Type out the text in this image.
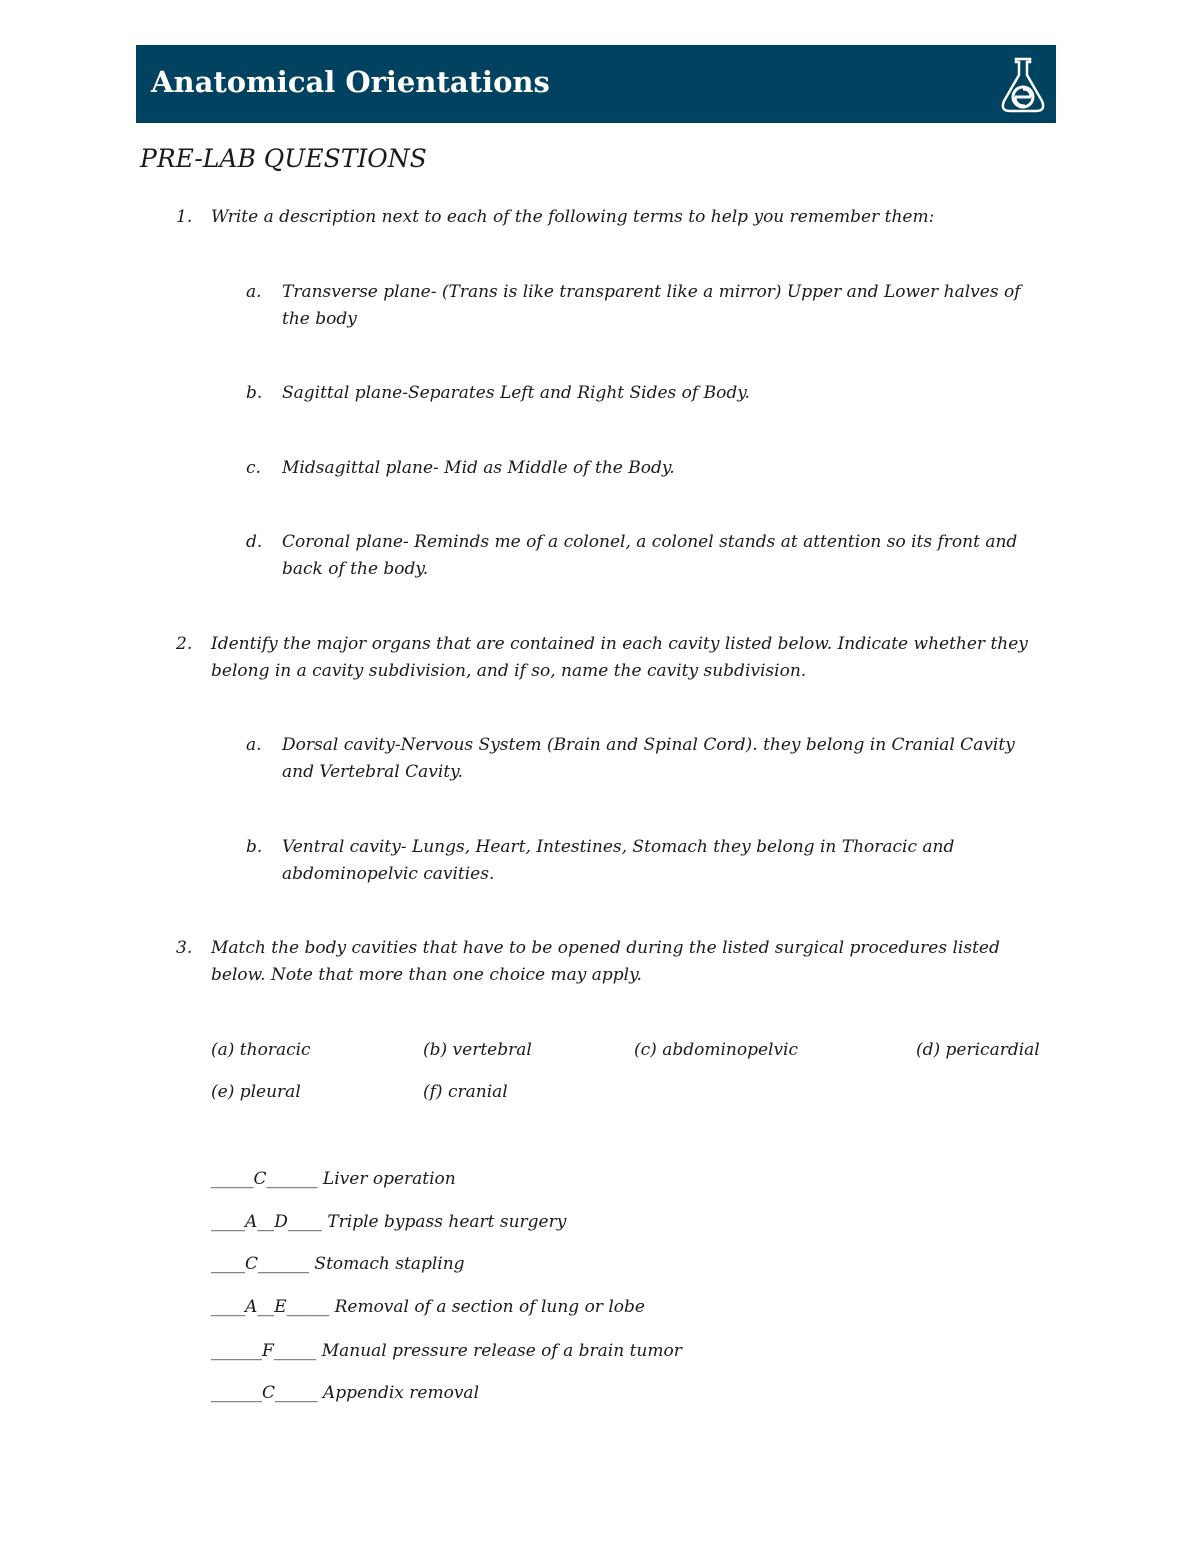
Anatomical Orientations
PRE-LAB QUESTIONS
1. Write a description next to each of the following terms to help you remember them:
a. Transverse plane- (Trans is like transparent like a mirror) Upper and Lower halves of
the body
b. Sagittal plane-Separates Left and Right Sides of Body.
c. Midsagittal plane- Mid as Middle of the Body.
d. Coronal plane- Reminds me of a colonel, a colonel stands at attention so its front and
back of the body.
2. Identify the major organs that are contained in each cavity listed below. Indicate whether they
belong in a cavity subdivision, and if so, name the cavity subdivision.
a. Dorsal cavity-Nervous System (Brain and Spinal Cord). they belong in Cranial Cavity
and Vertebral Cavity.
b. Ventral cavity- Lungs, Heart, Intestines, Stomach they belong in Thoracic and
abdominopelvic cavities.
3. Match the body cavities that have to be opened during the listed surgical procedures listed
below. Note that more than one choice may apply.
(a) thoracic	(b) vertebral	(c) abdominopelvic	(d) pericardial
(e) pleural	(f) cranial
_____C______ Liver operation
____A__D____ Triple bypass heart surgery
____C______ Stomach stapling
____A__E_____ Removal of a section of lung or lobe
______F_____ Manual pressure release of a brain tumor
______C_____ Appendix removal
